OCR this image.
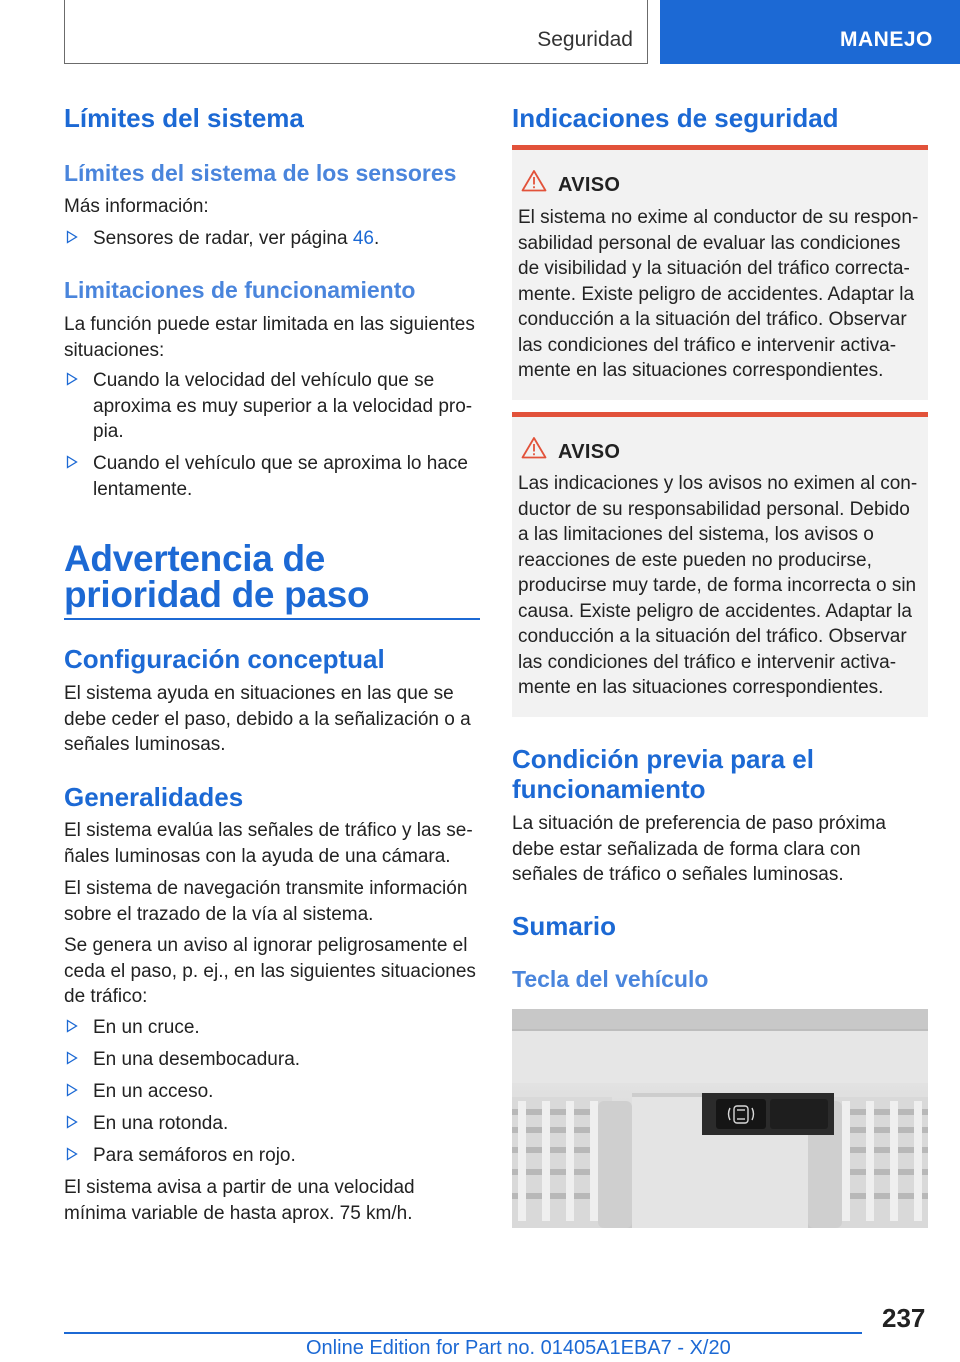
Seguridad	MANEJO
Límites del sistema
Límites del sistema de los sensores

Más información:

Sensores de radar, ver página 46.
Limitaciones de funcionamiento

La función puede estar limitada en las siguientes situaciones:

Cuando la velocidad del vehículo que se aproxima es muy superior a la velocidad propia.
Cuando el vehículo que se aproxima lo hace lentamente.
Advertencia de prioridad de paso
Configuración conceptual

El sistema ayuda en situaciones en las que se debe ceder el paso, debido a la señalización o a señales luminosas.

Generalidades

El sistema evalúa las señales de tráfico y las señales luminosas con la ayuda de una cámara.

El sistema de navegación transmite información sobre el trazado de la vía al sistema.

Se genera un aviso al ignorar peligrosamente el ceda el paso, p. ej., en las siguientes situaciones de tráfico:

En un cruce.
En una desembocadura.
En un acceso.
En una rotonda.
Para semáforos en rojo.

El sistema avisa a partir de una velocidad mínima variable de hasta aprox. 75 km/h.

Indicaciones de seguridad
AVISO

El sistema no exime al conductor de su responsabilidad personal de evaluar las condiciones de visibilidad y la situación del tráfico correctamente. Existe peligro de accidentes. Adaptar la conducción a la situación del tráfico. Observar las condiciones del tráfico e intervenir activamente en las situaciones correspondientes.

AVISO

Las indicaciones y los avisos no eximen al conductor de su responsabilidad personal. Debido a las limitaciones del sistema, los avisos o reacciones de este pueden no producirse, producirse muy tarde, de forma incorrecta o sin causa. Existe peligro de accidentes. Adaptar la conducción a la situación del tráfico. Observar las condiciones del tráfico e intervenir activamente en las situaciones correspondientes.

Condición previa para el funcionamiento

La situación de preferencia de paso próxima debe estar señalizada de forma clara con señales de tráfico o señales luminosas.

Sumario
Tecla del vehículo
237
Online Edition for Part no. 01405A1EBA7 - X/20
